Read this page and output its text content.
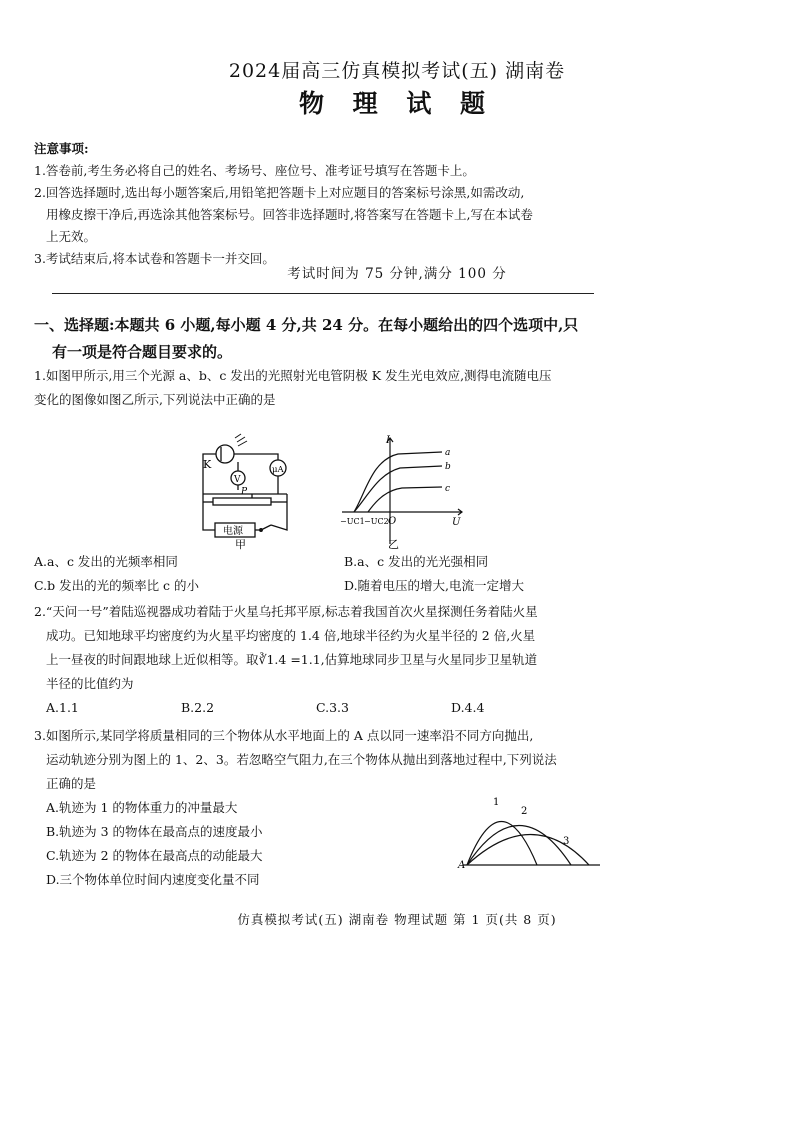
2024届高三仿真模拟考试(五) 湖南卷
物 理 试 题
注意事项:
1.答卷前,考生务必将自己的姓名、考场号、座位号、准考证号填写在答题卡上。
2.回答选择题时,选出每小题答案后,用铅笔把答题卡上对应题目的答案标号涂黑,如需改动,
用橡皮擦干净后,再选涂其他答案标号。回答非选择题时,将答案写在答题卡上,写在本试卷
上无效。
3.考试结束后,将本试卷和答题卡一并交回。
考试时间为 75 分钟,满分 100 分
一、选择题:本题共 6 小题,每小题 4 分,共 24 分。在每小题给出的四个选项中,只
有一项是符合题目要求的。
1.如图甲所示,用三个光源 a、b、c 发出的光照射光电管阴极 K 发生光电效应,测得电流随电压
变化的图像如图乙所示,下列说法中正确的是
K	μA
V
P
电源
甲
I
U
O
−UC1 −UC2
a
b
c
乙
A.a、c 发出的光频率相同	B.a、c 发出的光光强相同
C.b 发出的光的频率比 c 的小	D.随着电压的增大,电流一定增大
2.“天问一号”着陆巡视器成功着陆于火星乌托邦平原,标志着我国首次火星探测任务着陆火星
成功。已知地球平均密度约为火星平均密度的 1.4 倍,地球半径约为火星半径的 2 倍,火星
上一昼夜的时间跟地球上近似相等。取∛1.4 =1.1,估算地球同步卫星与火星同步卫星轨道
半径的比值约为
A.1.1	B.2.2	C.3.3	D.4.4
3.如图所示,某同学将质量相同的三个物体从水平地面上的 A 点以同一速率沿不同方向抛出,
运动轨迹分别为图上的 1、2、3。若忽略空气阻力,在三个物体从抛出到落地过程中,下列说法
正确的是
A.轨迹为 1 的物体重力的冲量最大
B.轨迹为 3 的物体在最高点的速度最小
C.轨迹为 2 的物体在最高点的动能最大
D.三个物体单位时间内速度变化量不同
A
1
2
3
仿真模拟考试(五) 湖南卷 物理试题 第 1 页(共 8 页)
